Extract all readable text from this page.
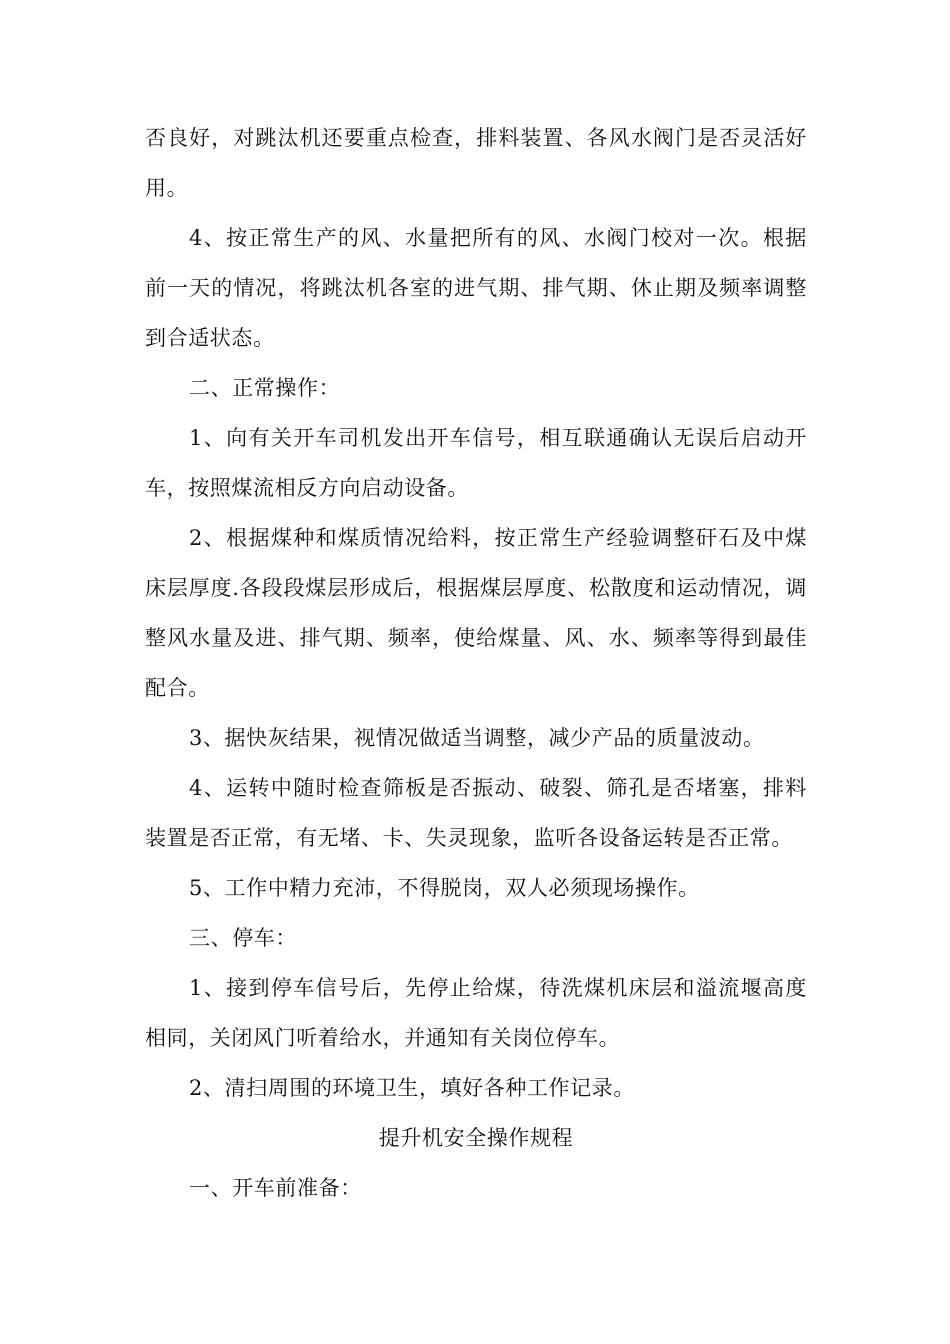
否良好，对跳汰机还要重点检查，排料装置、各风水阀门是否灵活好用。

4、按正常生产的风、水量把所有的风、水阀门校对一次。根据前一天的情况，将跳汰机各室的进气期、排气期、休止期及频率调整到合适状态。

二、正常操作：

1、向有关开车司机发出开车信号，相互联通确认无误后启动开车，按照煤流相反方向启动设备。

2、根据煤种和煤质情况给料，按正常生产经验调整矸石及中煤床层厚度.各段段煤层形成后，根据煤层厚度、松散度和运动情况，调整风水量及进、排气期、频率，使给煤量、风、水、频率等得到最佳配合。

3、据快灰结果，视情况做适当调整，减少产品的质量波动。

4、运转中随时检查筛板是否振动、破裂、筛孔是否堵塞，排料装置是否正常，有无堵、卡、失灵现象，监听各设备运转是否正常。

5、工作中精力充沛，不得脱岗，双人必须现场操作。

三、停车：

1、接到停车信号后，先停止给煤，待洗煤机床层和溢流堰高度相同，关闭风门听着给水，并通知有关岗位停车。

2、清扫周围的环境卫生，填好各种工作记录。

提升机安全操作规程

一、开车前准备：
